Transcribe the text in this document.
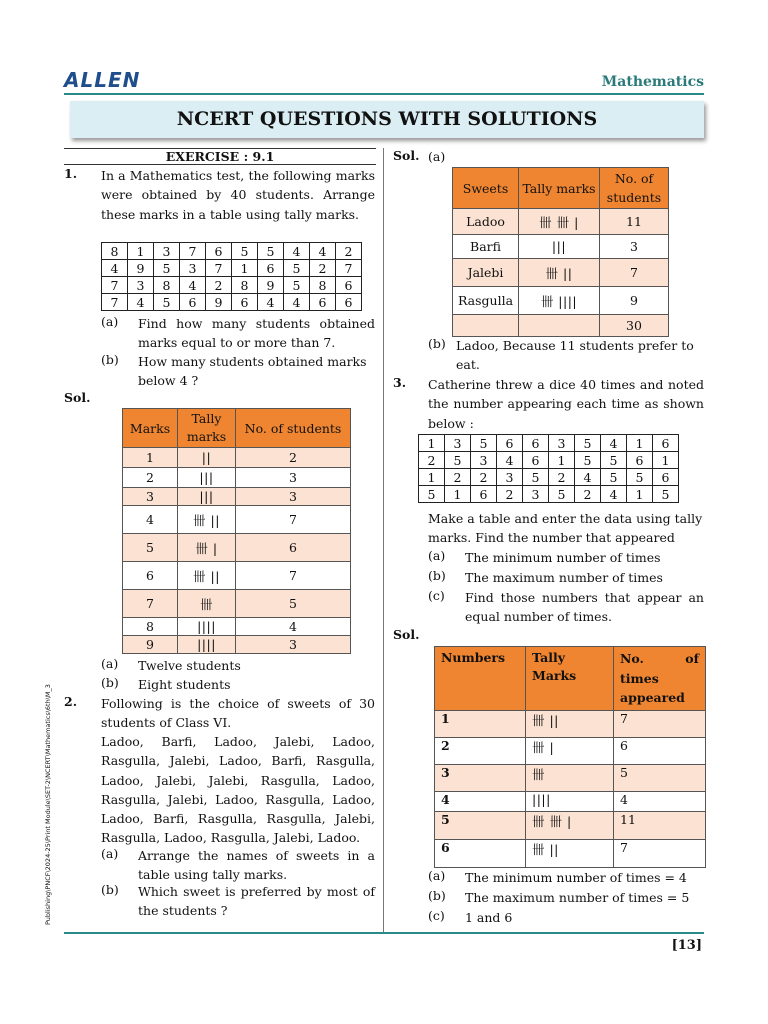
ALLEN	Mathematics
NCERT QUESTIONS WITH SOLUTIONS
EXERCISE : 9.1
1. In a Mathematics test, the following marks were obtained by 40 students. Arrange these marks in a table using tally marks.
8	1	3	7	6	5	5	4	4	2
4	9	5	3	7	1	6	5	2	7
7	3	8	4	2	8	9	5	8	6
7	4	5	6	9	6	4	4	6	6
(a) Find how many students obtained marks equal to or more than 7.
(b) How many students obtained marks below 4 ?
Sol.
Marks	Tally marks	No. of students
1	||	2
2	|||	3
3	|||	3
4	卌 ||	7
5	卌 |	6
6	卌 ||	7
7	卌	5
8	||||	4
9	||||	3
(a) Twelve students
(b) Eight students
2. Following is the choice of sweets of 30 students of Class VI.
Ladoo, Barfi, Ladoo, Jalebi, Ladoo, Rasgulla, Jalebi, Ladoo, Barfi, Rasgulla, Ladoo, Jalebi, Jalebi, Rasgulla, Ladoo, Rasgulla, Jalebi, Ladoo, Rasgulla, Ladoo, Ladoo, Barfi, Rasgulla, Rasgulla, Jalebi, Rasgulla, Ladoo, Rasgulla, Jalebi, Ladoo.
(a) Arrange the names of sweets in a table using tally marks.
(b) Which sweet is preferred by most of the students ?
Sol. (a)
Sweets	Tally marks	No. of students
Ladoo	卌 卌 |	11
Barfi	|||	3
Jalebi	卌 ||	7
Rasgulla	卌 ||||	9
		30
(b) Ladoo, Because 11 students prefer to eat.
3. Catherine threw a dice 40 times and noted the number appearing each time as shown below :
1	3	5	6	6	3	5	4	1	6
2	5	3	4	6	1	5	5	6	1
1	2	2	3	5	2	4	5	5	6
5	1	6	2	3	5	2	4	1	5
Make a table and enter the data using tally marks. Find the number that appeared
(a) The minimum number of times
(b) The maximum number of times
(c) Find those numbers that appear an equal number of times.
Sol.
Numbers	Tally Marks	No. of times appeared
1	卌 ||	7
2	卌 |	6
3	卌	5
4	||||	4
5	卌 卌 |	11
6	卌 ||	7
(a) The minimum number of times = 4
(b) The maximum number of times = 5
(c) 1 and 6
[13]
Publishing\PNCF\2024-25\Print Module\SET-2\NCERT\Mathematics\6th\M_3
